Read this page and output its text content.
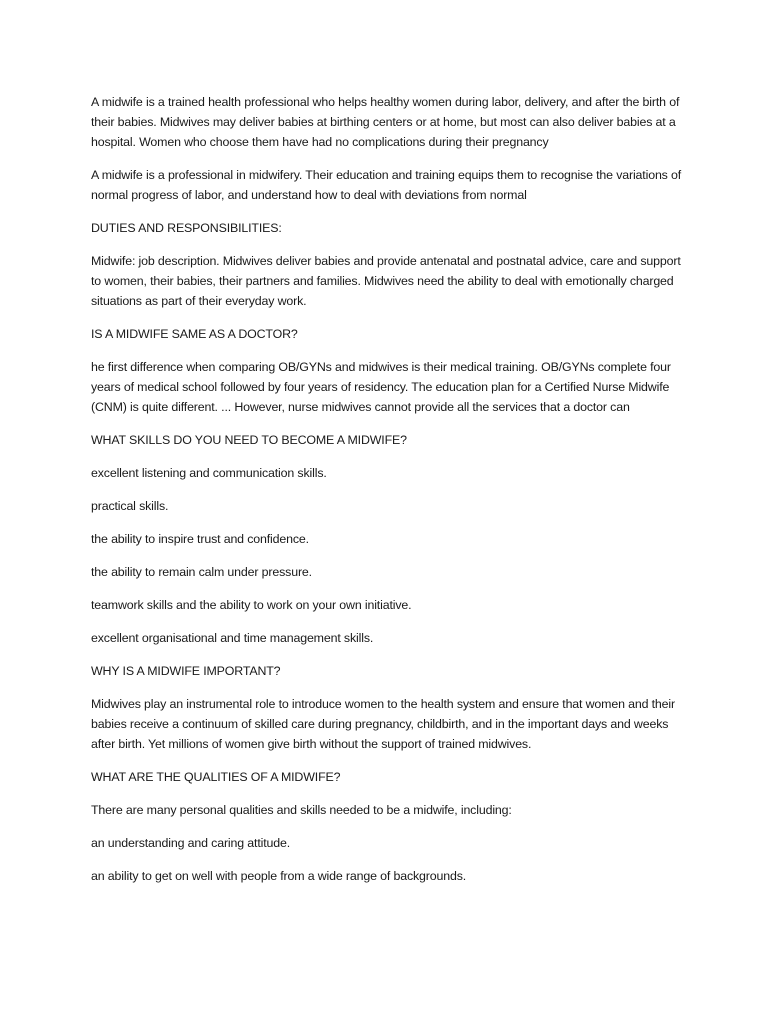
A midwife is a trained health professional who helps healthy women during labor, delivery, and after the birth of their babies. Midwives may deliver babies at birthing centers or at home, but most can also deliver babies at a hospital. Women who choose them have had no complications during their pregnancy

A midwife is a professional in midwifery. Their education and training equips them to recognise the variations of normal progress of labor, and understand how to deal with deviations from normal

DUTIES AND RESPONSIBILITIES:

Midwife: job description. Midwives deliver babies and provide antenatal and postnatal advice, care and support to women, their babies, their partners and families. Midwives need the ability to deal with emotionally charged situations as part of their everyday work.

IS A MIDWIFE SAME AS A DOCTOR?

he first difference when comparing OB/GYNs and midwives is their medical training. OB/GYNs complete four years of medical school followed by four years of residency. The education plan for a Certified Nurse Midwife (CNM) is quite different. ... However, nurse midwives cannot provide all the services that a doctor can

WHAT SKILLS DO YOU NEED TO BECOME A MIDWIFE?

excellent listening and communication skills.

practical skills.

the ability to inspire trust and confidence.

the ability to remain calm under pressure.

teamwork skills and the ability to work on your own initiative.

excellent organisational and time management skills.

WHY IS A MIDWIFE IMPORTANT?

Midwives play an instrumental role to introduce women to the health system and ensure that women and their babies receive a continuum of skilled care during pregnancy, childbirth, and in the important days and weeks after birth. Yet millions of women give birth without the support of trained midwives.

WHAT ARE THE QUALITIES OF A MIDWIFE?

There are many personal qualities and skills needed to be a midwife, including:

an understanding and caring attitude.

an ability to get on well with people from a wide range of backgrounds.
